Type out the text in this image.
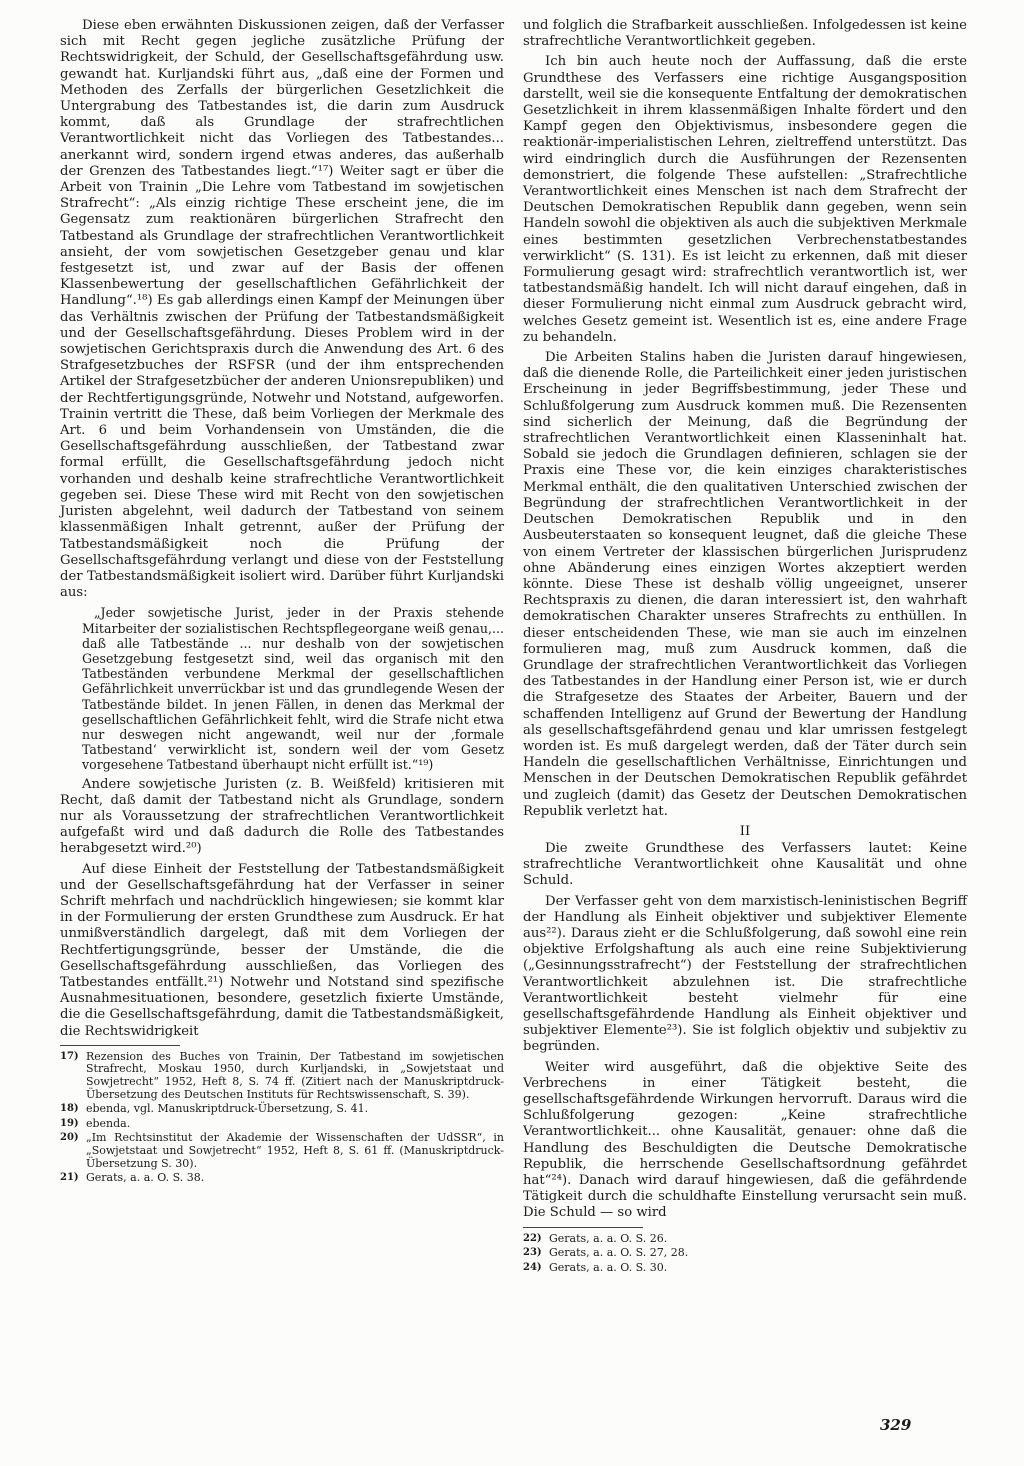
Diese eben erwähnten Diskussionen zeigen, daß der Verfasser sich mit Recht gegen jegliche zusätzliche Prüfung der Rechtswidrigkeit, der Schuld, der Gesellschaftsgefährdung usw. gewandt hat. Kurljandski führt aus, „daß eine der Formen und Methoden des Zerfalls der bürgerlichen Gesetzlichkeit die Untergrabung des Tatbestandes ist, die darin zum Ausdruck kommt, daß als Grundlage der strafrechtlichen Verantwortlichkeit nicht das Vorliegen des Tatbestandes... anerkannt wird, sondern irgend etwas anderes, das außerhalb der Grenzen des Tatbestandes liegt.“¹⁷) Weiter sagt er über die Arbeit von Trainin „Die Lehre vom Tatbestand im sowjetischen Strafrecht“: „Als einzig richtige These erscheint jene, die im Gegensatz zum reaktionären bürgerlichen Strafrecht den Tatbestand als Grundlage der strafrechtlichen Verantwortlichkeit ansieht, der vom sowjetischen Gesetzgeber genau und klar festgesetzt ist, und zwar auf der Basis der offenen Klassenbewertung der gesellschaftlichen Gefährlichkeit der Handlung“.¹⁸) Es gab allerdings einen Kampf der Meinungen über das Verhältnis zwischen der Prüfung der Tatbestandsmäßigkeit und der Gesellschaftsgefährdung. Dieses Problem wird in der sowjetischen Gerichtspraxis durch die Anwendung des Art. 6 des Strafgesetzbuches der RSFSR (und der ihm entsprechenden Artikel der Strafgesetzbücher der anderen Unionsrepubliken) und der Rechtfertigungsgründe, Notwehr und Notstand, aufgeworfen. Trainin vertritt die These, daß beim Vorliegen der Merkmale des Art. 6 und beim Vorhandensein von Umständen, die die Gesellschaftsgefährdung ausschließen, der Tatbestand zwar formal erfüllt, die Gesellschaftsgefährdung jedoch nicht vorhanden und deshalb keine strafrechtliche Verantwortlichkeit gegeben sei. Diese These wird mit Recht von den sowjetischen Juristen abgelehnt, weil dadurch der Tatbestand von seinem klassenmäßigen Inhalt getrennt, außer der Prüfung der Tatbestandsmäßigkeit noch die Prüfung der Gesellschaftsgefährdung verlangt und diese von der Feststellung der Tatbestandsmäßigkeit isoliert wird. Darüber führt Kurljandski aus:

„Jeder sowjetische Jurist, jeder in der Praxis stehende Mitarbeiter der sozialistischen Rechtspflegeorgane weiß genau,... daß alle Tatbestände ... nur deshalb von der sowjetischen Gesetzgebung festgesetzt sind, weil das organisch mit den Tatbeständen verbundene Merkmal der gesellschaftlichen Gefährlichkeit unverrückbar ist und das grundlegende Wesen der Tatbestände bildet. In jenen Fällen, in denen das Merkmal der gesellschaftlichen Gefährlichkeit fehlt, wird die Strafe nicht etwa nur deswegen nicht angewandt, weil nur der ‚formale Tatbestand‘ verwirklicht ist, sondern weil der vom Gesetz vorgesehene Tatbestand überhaupt nicht erfüllt ist.“¹⁹)

Andere sowjetische Juristen (z. B. Weißfeld) kritisieren mit Recht, daß damit der Tatbestand nicht als Grundlage, sondern nur als Voraussetzung der strafrechtlichen Verantwortlichkeit aufgefaßt wird und daß dadurch die Rolle des Tatbestandes herabgesetzt wird.²⁰)

Auf diese Einheit der Feststellung der Tatbestandsmäßigkeit und der Gesellschaftsgefährdung hat der Verfasser in seiner Schrift mehrfach und nachdrücklich hingewiesen; sie kommt klar in der Formulierung der ersten Grundthese zum Ausdruck. Er hat unmißverständlich dargelegt, daß mit dem Vorliegen der Rechtfertigungsgründe, besser der Umstände, die die Gesellschaftsgefährdung ausschließen, das Vorliegen des Tatbestandes entfällt.²¹) Notwehr und Notstand sind spezifische Ausnahmesituationen, besondere, gesetzlich fixierte Umstände, die die Gesellschaftsgefährdung, damit die Tatbestandsmäßigkeit, die Rechtswidrigkeit

17) Rezension des Buches von Trainin, Der Tatbestand im sowjetischen Strafrecht, Moskau 1950, durch Kurljandski, in „Sowjetstaat und Sowjetrecht“ 1952, Heft 8, S. 74 ff. (Zitiert nach der Manuskriptdruck-Übersetzung des Deutschen Instituts für Rechtswissenschaft, S. 39).

18) ebenda, vgl. Manuskriptdruck-Übersetzung, S. 41.

19) ebenda.

20) „Im Rechtsinstitut der Akademie der Wissenschaften der UdSSR“, in „Sowjetstaat und Sowjetrecht“ 1952, Heft 8, S. 61 ff. (Manuskriptdruck-Übersetzung S. 30).

21) Gerats, a. a. O. S. 38.

und folglich die Strafbarkeit ausschließen. Infolgedessen ist keine strafrechtliche Verantwortlichkeit gegeben.

Ich bin auch heute noch der Auffassung, daß die erste Grundthese des Verfassers eine richtige Ausgangsposition darstellt, weil sie die konsequente Entfaltung der demokratischen Gesetzlichkeit in ihrem klassenmäßigen Inhalte fördert und den Kampf gegen den Objektivismus, insbesondere gegen die reaktionär-imperialistischen Lehren, zieltreffend unterstützt. Das wird eindringlich durch die Ausführungen der Rezensenten demonstriert, die folgende These aufstellen: „Strafrechtliche Verantwortlichkeit eines Menschen ist nach dem Strafrecht der Deutschen Demokratischen Republik dann gegeben, wenn sein Handeln sowohl die objektiven als auch die subjektiven Merkmale eines bestimmten gesetzlichen Verbrechenstatbestandes verwirklicht“ (S. 131). Es ist leicht zu erkennen, daß mit dieser Formulierung gesagt wird: strafrechtlich verantwortlich ist, wer tatbestandsmäßig handelt. Ich will nicht darauf eingehen, daß in dieser Formulierung nicht einmal zum Ausdruck gebracht wird, welches Gesetz gemeint ist. Wesentlich ist es, eine andere Frage zu behandeln.

Die Arbeiten Stalins haben die Juristen darauf hingewiesen, daß die dienende Rolle, die Parteilichkeit einer jeden juristischen Erscheinung in jeder Begriffsbestimmung, jeder These und Schlußfolgerung zum Ausdruck kommen muß. Die Rezensenten sind sicherlich der Meinung, daß die Begründung der strafrechtlichen Verantwortlichkeit einen Klasseninhalt hat. Sobald sie jedoch die Grundlagen definieren, schlagen sie der Praxis eine These vor, die kein einziges charakteristisches Merkmal enthält, die den qualitativen Unterschied zwischen der Begründung der strafrechtlichen Verantwortlichkeit in der Deutschen Demokratischen Republik und in den Ausbeuterstaaten so konsequent leugnet, daß die gleiche These von einem Vertreter der klassischen bürgerlichen Jurisprudenz ohne Abänderung eines einzigen Wortes akzeptiert werden könnte. Diese These ist deshalb völlig ungeeignet, unserer Rechtspraxis zu dienen, die daran interessiert ist, den wahrhaft demokratischen Charakter unseres Strafrechts zu enthüllen. In dieser entscheidenden These, wie man sie auch im einzelnen formulieren mag, muß zum Ausdruck kommen, daß die Grundlage der strafrechtlichen Verantwortlichkeit das Vorliegen des Tatbestandes in der Handlung einer Person ist, wie er durch die Strafgesetze des Staates der Arbeiter, Bauern und der schaffenden Intelligenz auf Grund der Bewertung der Handlung als gesellschaftsgefährdend genau und klar umrissen festgelegt worden ist. Es muß dargelegt werden, daß der Täter durch sein Handeln die gesellschaftlichen Verhältnisse, Einrichtungen und Menschen in der Deutschen Demokratischen Republik gefährdet und zugleich (damit) das Gesetz der Deutschen Demokratischen Republik verletzt hat.

II

Die zweite Grundthese des Verfassers lautet: Keine strafrechtliche Verantwortlichkeit ohne Kausalität und ohne Schuld.

Der Verfasser geht von dem marxistisch-leninistischen Begriff der Handlung als Einheit objektiver und subjektiver Elemente aus²²). Daraus zieht er die Schlußfolgerung, daß sowohl eine rein objektive Erfolgshaftung als auch eine reine Subjektivierung („Gesinnungsstrafrecht“) der Feststellung der strafrechtlichen Verantwortlichkeit abzulehnen ist. Die strafrechtliche Verantwortlichkeit besteht vielmehr für eine gesellschaftsgefährdende Handlung als Einheit objektiver und subjektiver Elemente²³). Sie ist folglich objektiv und subjektiv zu begründen.

Weiter wird ausgeführt, daß die objektive Seite des Verbrechens in einer Tätigkeit besteht, die gesellschaftsgefährdende Wirkungen hervorruft. Daraus wird die Schlußfolgerung gezogen: „Keine strafrechtliche Verantwortlichkeit... ohne Kausalität, genauer: ohne daß die Handlung des Beschuldigten die Deutsche Demokratische Republik, die herrschende Gesellschaftsordnung gefährdet hat“²⁴). Danach wird darauf hingewiesen, daß die gefährdende Tätigkeit durch die schuldhafte Einstellung verursacht sein muß. Die Schuld — so wird

22) Gerats, a. a. O. S. 26.

23) Gerats, a. a. O. S. 27, 28.

24) Gerats, a. a. O. S. 30.

329
